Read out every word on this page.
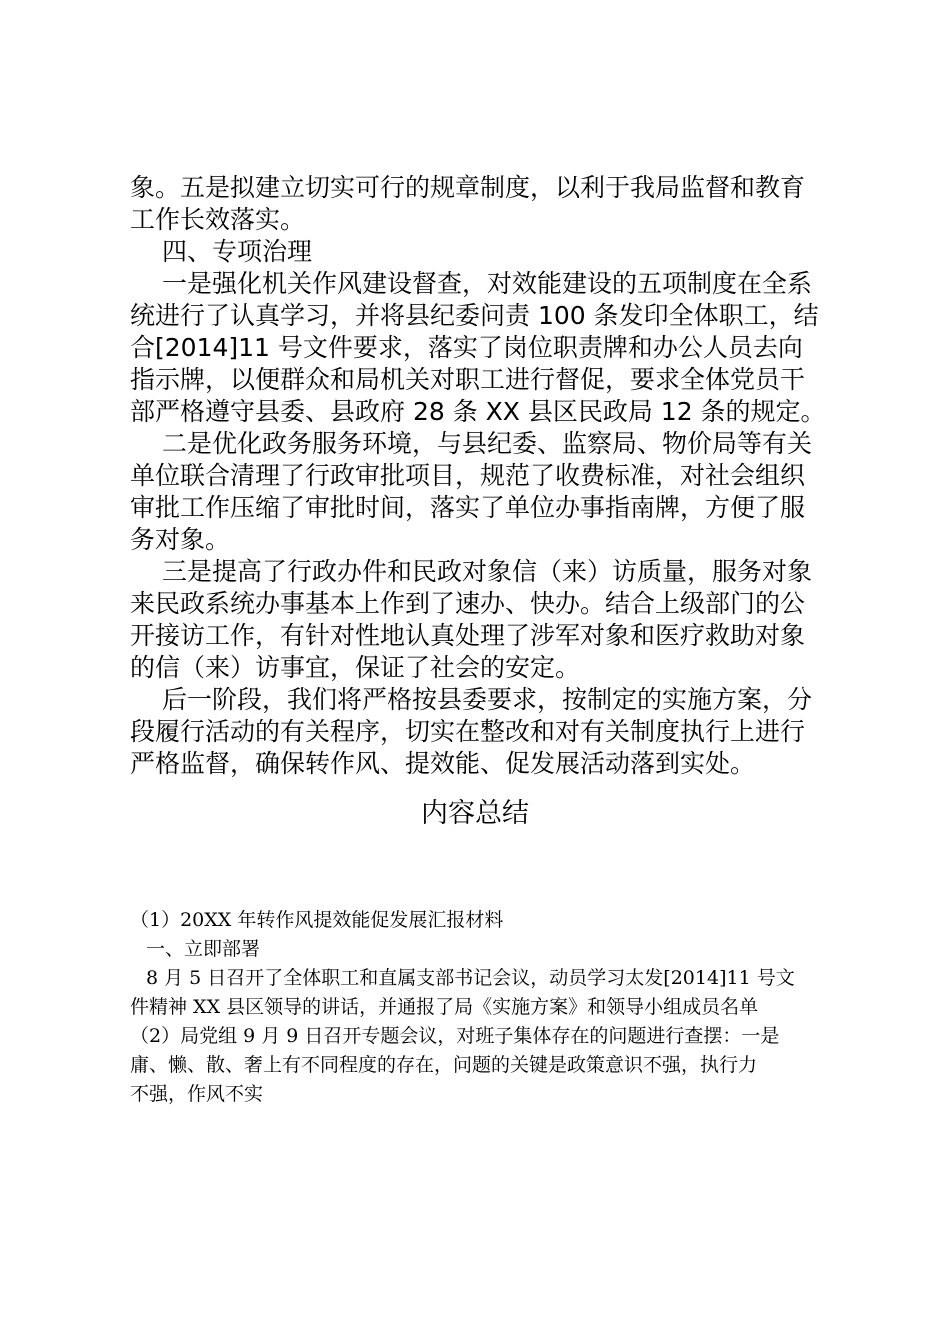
象。五是拟建立切实可行的规章制度，以利于我局监督和教育

工作长效落实。

四、专项治理

一是强化机关作风建设督查，对效能建设的五项制度在全系

统进行了认真学习，并将县纪委问责 100 条发印全体职工，结

合[2014]11 号文件要求，落实了岗位职责牌和办公人员去向

指示牌，以便群众和局机关对职工进行督促，要求全体党员干

部严格遵守县委、县政府 28 条 XX 县区民政局 12 条的规定。

二是优化政务服务环境，与县纪委、监察局、物价局等有关

单位联合清理了行政审批项目，规范了收费标准，对社会组织

审批工作压缩了审批时间，落实了单位办事指南牌，方便了服

务对象。

三是提高了行政办件和民政对象信（来）访质量，服务对象

来民政系统办事基本上作到了速办、快办。结合上级部门的公

开接访工作，有针对性地认真处理了涉军对象和医疗救助对象

的信（来）访事宜，保证了社会的安定。

后一阶段，我们将严格按县委要求，按制定的实施方案，分

段履行活动的有关程序，切实在整改和对有关制度执行上进行

严格监督，确保转作风、提效能、促发展活动落到实处。

内容总结

（1）20XX 年转作风提效能促发展汇报材料

一、立即部署

8 月 5 日召开了全体职工和直属支部书记会议，动员学习太发[2014]11 号文

件精神 XX 县区领导的讲话，并通报了局《实施方案》和领导小组成员名单

（2）局党组 9 月 9 日召开专题会议，对班子集体存在的问题进行查摆：一是

庸、懒、散、奢上有不同程度的存在，问题的关键是政策意识不强，执行力

不强，作风不实
